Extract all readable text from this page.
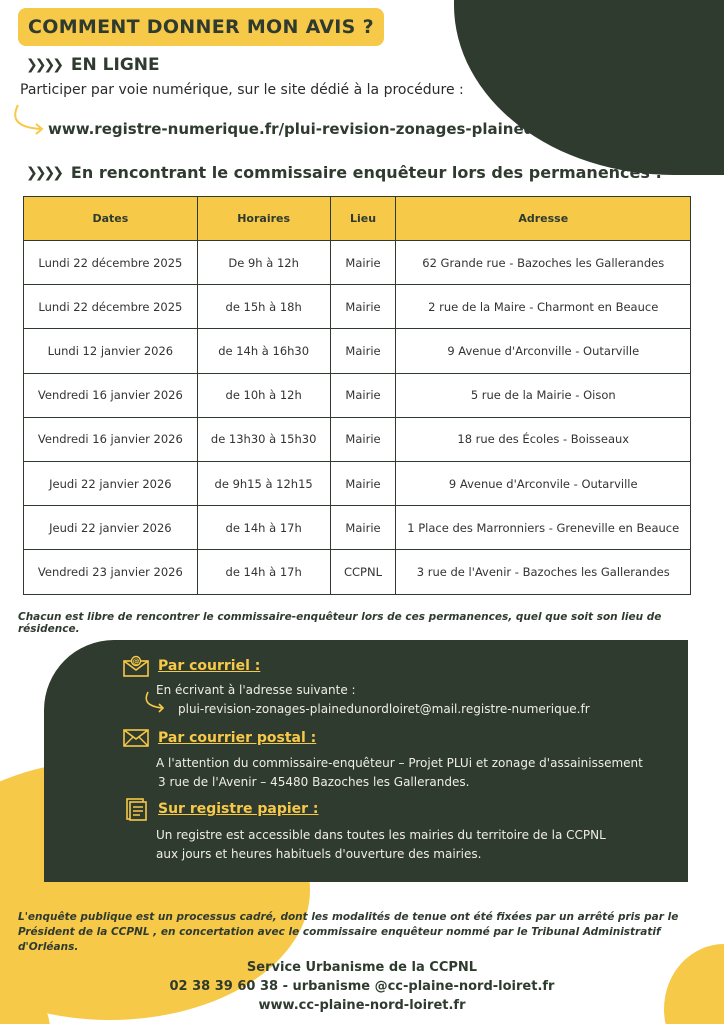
COMMENT DONNER MON AVIS ?
❯❯❯❯ EN LIGNE
Participer par voie numérique, sur le site dédié à la procédure :
www.registre-numerique.fr/plui-revision-zonages-plainedunordloiret
❯❯❯❯ En rencontrant le commissaire enquêteur lors des permanences :
Dates	Horaires	Lieu	Adresse
Lundi 22 décembre 2025	De 9h à 12h	Mairie	62 Grande rue - Bazoches les Gallerandes
Lundi 22 décembre 2025	de 15h à 18h	Mairie	2 rue de la Maire - Charmont en Beauce
Lundi 12 janvier 2026	de 14h à 16h30	Mairie	9 Avenue d'Arconville - Outarville
Vendredi 16 janvier 2026	de 10h à 12h	Mairie	5 rue de la Mairie - Oison
Vendredi 16 janvier 2026	de 13h30 à 15h30	Mairie	18 rue des Écoles - Boisseaux
Jeudi 22 janvier 2026	de 9h15 à 12h15	Mairie	9 Avenue d'Arconvile - Outarville
Jeudi 22 janvier 2026	de 14h à 17h	Mairie	1 Place des Marronniers - Greneville en Beauce
Vendredi 23 janvier 2026	de 14h à 17h	CCPNL	3 rue de l'Avenir - Bazoches les Gallerandes
Chacun est libre de rencontrer le commissaire-enquêteur lors de ces permanences, quel que soit son lieu de résidence.
@ Par courriel :
En écrivant à l'adresse suivante :
plui-revision-zonages-plainedunordloiret@mail.registre-numerique.fr
Par courrier postal :
A l'attention du commissaire-enquêteur – Projet PLUi et zonage d'assainissement
3 rue de l'Avenir – 45480 Bazoches les Gallerandes.
Sur registre papier :
Un registre est accessible dans toutes les mairies du territoire de la CCPNL
aux jours et heures habituels d'ouverture des mairies.
L'enquête publique est un processus cadré, dont les modalités de tenue ont été fixées par un arrêté pris par le Président de la CCPNL , en concertation avec le commissaire enquêteur nommé par le Tribunal Administratif d'Orléans.
Service Urbanisme de la CCPNL
02 38 39 60 38 - urbanisme @cc-plaine-nord-loiret.fr
www.cc-plaine-nord-loiret.fr
